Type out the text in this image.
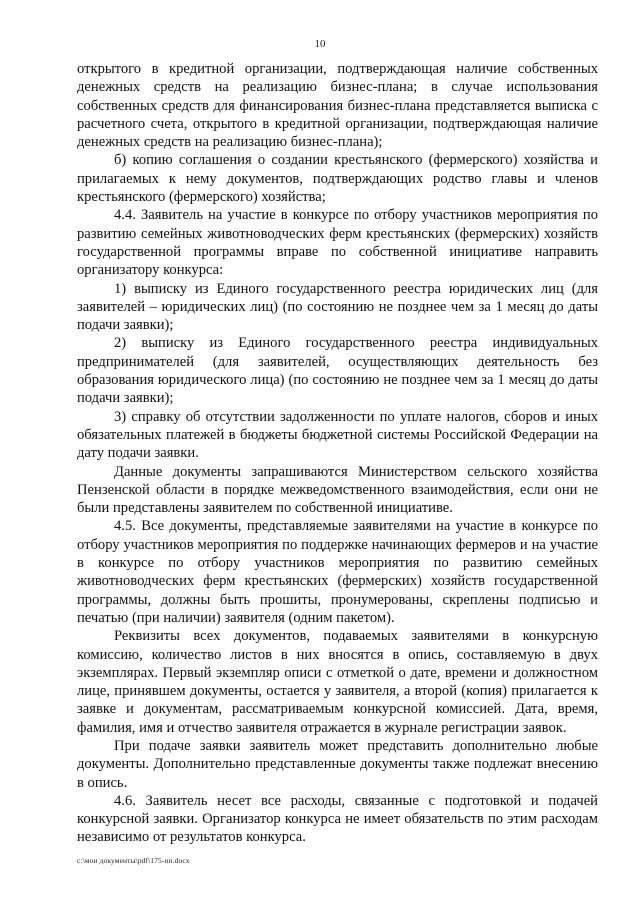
10

открытого в кредитной организации, подтверждающая наличие собственных денежных средств на реализацию бизнес-плана; в случае использования собственных средств для финансирования бизнес-плана представляется выписка с расчетного счета, открытого в кредитной организации, подтверждающая наличие денежных средств на реализацию бизнес-плана);

б) копию соглашения о создании крестьянского (фермерского) хозяйства и прилагаемых к нему документов, подтверждающих родство главы и членов крестьянского (фермерского) хозяйства;

4.4. Заявитель на участие в конкурсе по отбору участников мероприятия по развитию семейных животноводческих ферм крестьянских (фермерских) хозяйств государственной программы вправе по собственной инициативе направить организатору конкурса:

1) выписку из Единого государственного реестра юридических лиц (для заявителей – юридических лиц) (по состоянию не позднее чем за 1 месяц до даты подачи заявки);

2) выписку из Единого государственного реестра индивидуальных предпринимателей (для заявителей, осуществляющих деятельность без образования юридического лица) (по состоянию не позднее чем за 1 месяц до даты подачи заявки);

3) справку об отсутствии задолженности по уплате налогов, сборов и иных обязательных платежей в бюджеты бюджетной системы Российской Федерации на дату подачи заявки.

Данные документы запрашиваются Министерством сельского хозяйства Пензенской области в порядке межведомственного взаимодействия, если они не были представлены заявителем по собственной инициативе.

4.5. Все документы, представляемые заявителями на участие в конкурсе по отбору участников мероприятия по поддержке начинающих фермеров и на участие в конкурсе по отбору участников мероприятия по развитию семейных животноводческих ферм крестьянских (фермерских) хозяйств государственной программы, должны быть прошиты, пронумерованы, скреплены подписью и печатью (при наличии) заявителя (одним пакетом).

Реквизиты всех документов, подаваемых заявителями в конкурсную комиссию, количество листов в них вносятся в опись, составляемую в двух экземплярах. Первый экземпляр описи с отметкой о дате, времени и должностном лице, принявшем документы, остается у заявителя, а второй (копия) прилагается к заявке и документам, рассматриваемым конкурсной комиссией. Дата, время, фамилия, имя и отчество заявителя отражается в журнале регистрации заявок.

При подаче заявки заявитель может представить дополнительно любые документы. Дополнительно представленные документы также подлежат внесению в опись.

4.6. Заявитель несет все расходы, связанные с подготовкой и подачей конкурсной заявки. Организатор конкурса не имеет обязательств по этим расходам независимо от результатов конкурса.

c:\мои документы\pdf\175-пп.docx
